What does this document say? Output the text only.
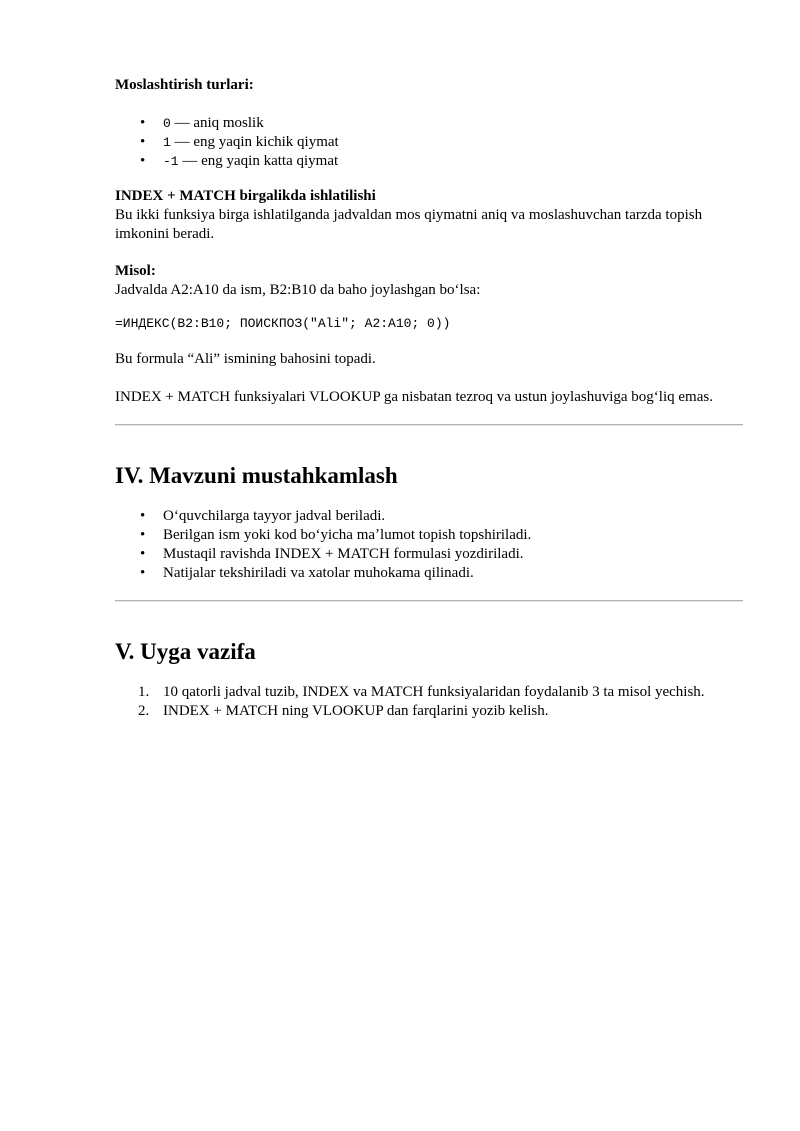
Moslashtirish turlari:

• 0 — aniq moslik
• 1 — eng yaqin kichik qiymat
• -1 — eng yaqin katta qiymat

INDEX + MATCH birgalikda ishlatilishi

Bu ikki funksiya birga ishlatilganda jadvaldan mos qiymatni aniq va moslashuvchan tarzda topish imkonini beradi.

Misol:

Jadvalda A2:A10 da ism, B2:B10 da baho joylashgan boʻlsa:

=ИНДЕКС(B2:B10; ПОИСКПОЗ("Ali"; A2:A10; 0))

Bu formula “Ali” ismining bahosini topadi.

INDEX + MATCH funksiyalari VLOOKUP ga nisbatan tezroq va ustun joylashuviga bogʻliq emas.

IV. Mavzuni mustahkamlash
• Oʻquvchilarga tayyor jadval beriladi.
• Berilgan ism yoki kod boʻyicha maʼlumot topish topshiriladi.
• Mustaqil ravishda INDEX + MATCH formulasi yozdiriladi.
• Natijalar tekshiriladi va xatolar muhokama qilinadi.
V. Uyga vazifa
1. 10 qatorli jadval tuzib, INDEX va MATCH funksiyalaridan foydalanib 3 ta misol yechish.
2. INDEX + MATCH ning VLOOKUP dan farqlarini yozib kelish.
